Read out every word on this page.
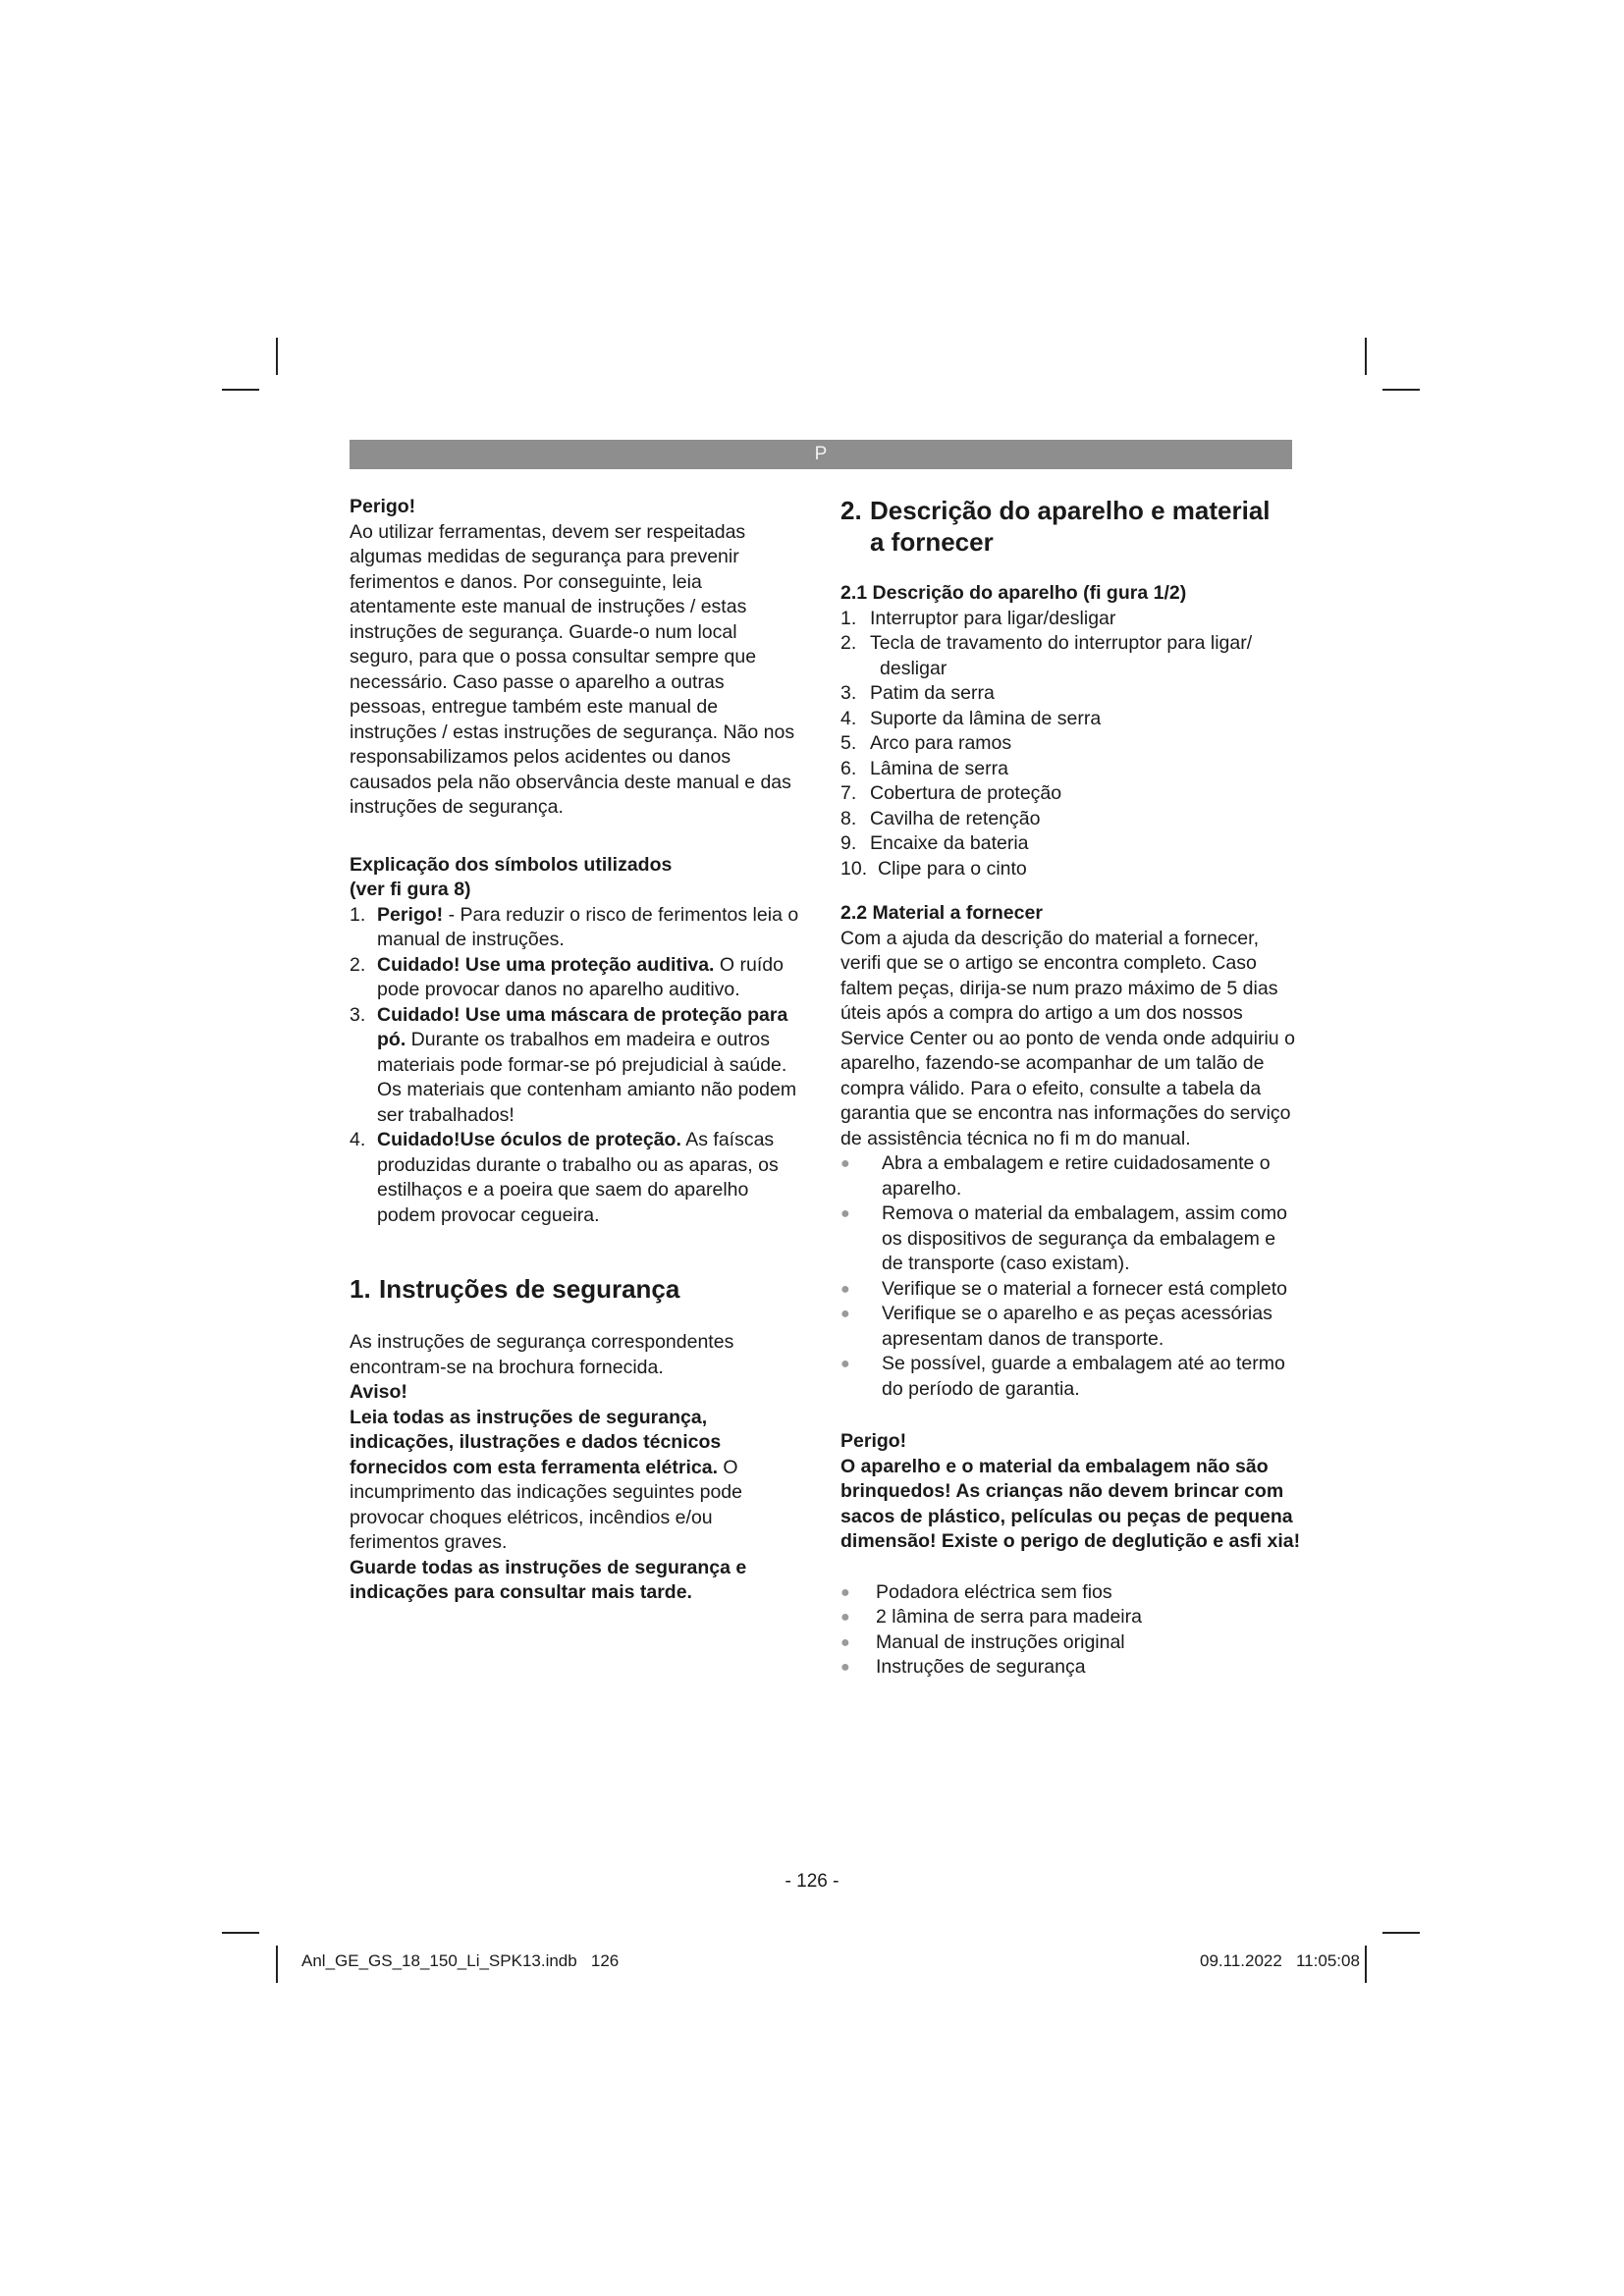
P

Perigo!

Ao utilizar ferramentas, devem ser respeitadas algumas medidas de segurança para prevenir ferimentos e danos. Por conseguinte, leia atentamente este manual de instruções / estas instruções de segurança. Guarde-o num local seguro, para que o possa consultar sempre que necessário. Caso passe o aparelho a outras pessoas, entregue também este manual de instruções / estas instruções de segurança. Não nos responsabilizamos pelos acidentes ou danos causados pela não observância deste manual e das instruções de segurança.

Explicação dos símbolos utilizados

(ver fi gura 8)

1. Perigo! - Para reduzir o risco de ferimentos leia o manual de instruções.
2. Cuidado! Use uma proteção auditiva. O ruído pode provocar danos no aparelho auditivo.
3. Cuidado! Use uma máscara de proteção para pó. Durante os trabalhos em madeira e outros materiais pode formar-se pó prejudicial à saúde. Os materiais que contenham amianto não podem ser trabalhados!
4. Cuidado!Use óculos de proteção. As faíscas produzidas durante o trabalho ou as aparas, os estilhaços e a poeira que saem do aparelho podem provocar cegueira.
1. Instruções de segurança

As instruções de segurança correspondentes encontram-se na brochura fornecida.

Aviso!

Leia todas as instruções de segurança, indicações, ilustrações e dados técnicos fornecidos com esta ferramenta elétrica. O incumprimento das indicações seguintes pode provocar choques elétricos, incêndios e/ou ferimentos graves.

Guarde todas as instruções de segurança e indicações para consultar mais tarde.

2. Descrição do aparelho e material
a fornecer

2.1 Descrição do aparelho (fi gura 1/2)

1. Interruptor para ligar/desligar
2. Tecla de travamento do interruptor para ligar/
desligar
3. Patim da serra
4. Suporte da lâmina de serra
5. Arco para ramos
6. Lâmina de serra
7. Cobertura de proteção
8. Cavilha de retenção
9. Encaixe da bateria
10. Clipe para o cinto

2.2 Material a fornecer

Com a ajuda da descrição do material a fornecer, verifi que se o artigo se encontra completo. Caso faltem peças, dirija-se num prazo máximo de 5 dias úteis após a compra do artigo a um dos nossos Service Center ou ao ponto de venda onde adquiriu o aparelho, fazendo-se acompanhar de um talão de compra válido. Para o efeito, consulte a tabela da garantia que se encontra nas informações do serviço de assistência técnica no fi m do manual.

● Abra a embalagem e retire cuidadosamente o aparelho.
● Remova o material da embalagem, assim como os dispositivos de segurança da embalagem e de transporte (caso existam).
● Verifique se o material a fornecer está completo
● Verifique se o aparelho e as peças acessórias apresentam danos de transporte.
● Se possível, guarde a embalagem até ao termo do período de garantia.

Perigo!

O aparelho e o material da embalagem não são brinquedos! As crianças não devem brincar com sacos de plástico, películas ou peças de pequena dimensão! Existe o perigo de deglutição e asfi xia!

● Podadora eléctrica sem fios
● 2 lâmina de serra para madeira
● Manual de instruções original
● Instruções de segurança
- 126 -
Anl_GE_GS_18_150_Li_SPK13.indb   126	09.11.2022   11:05:08
